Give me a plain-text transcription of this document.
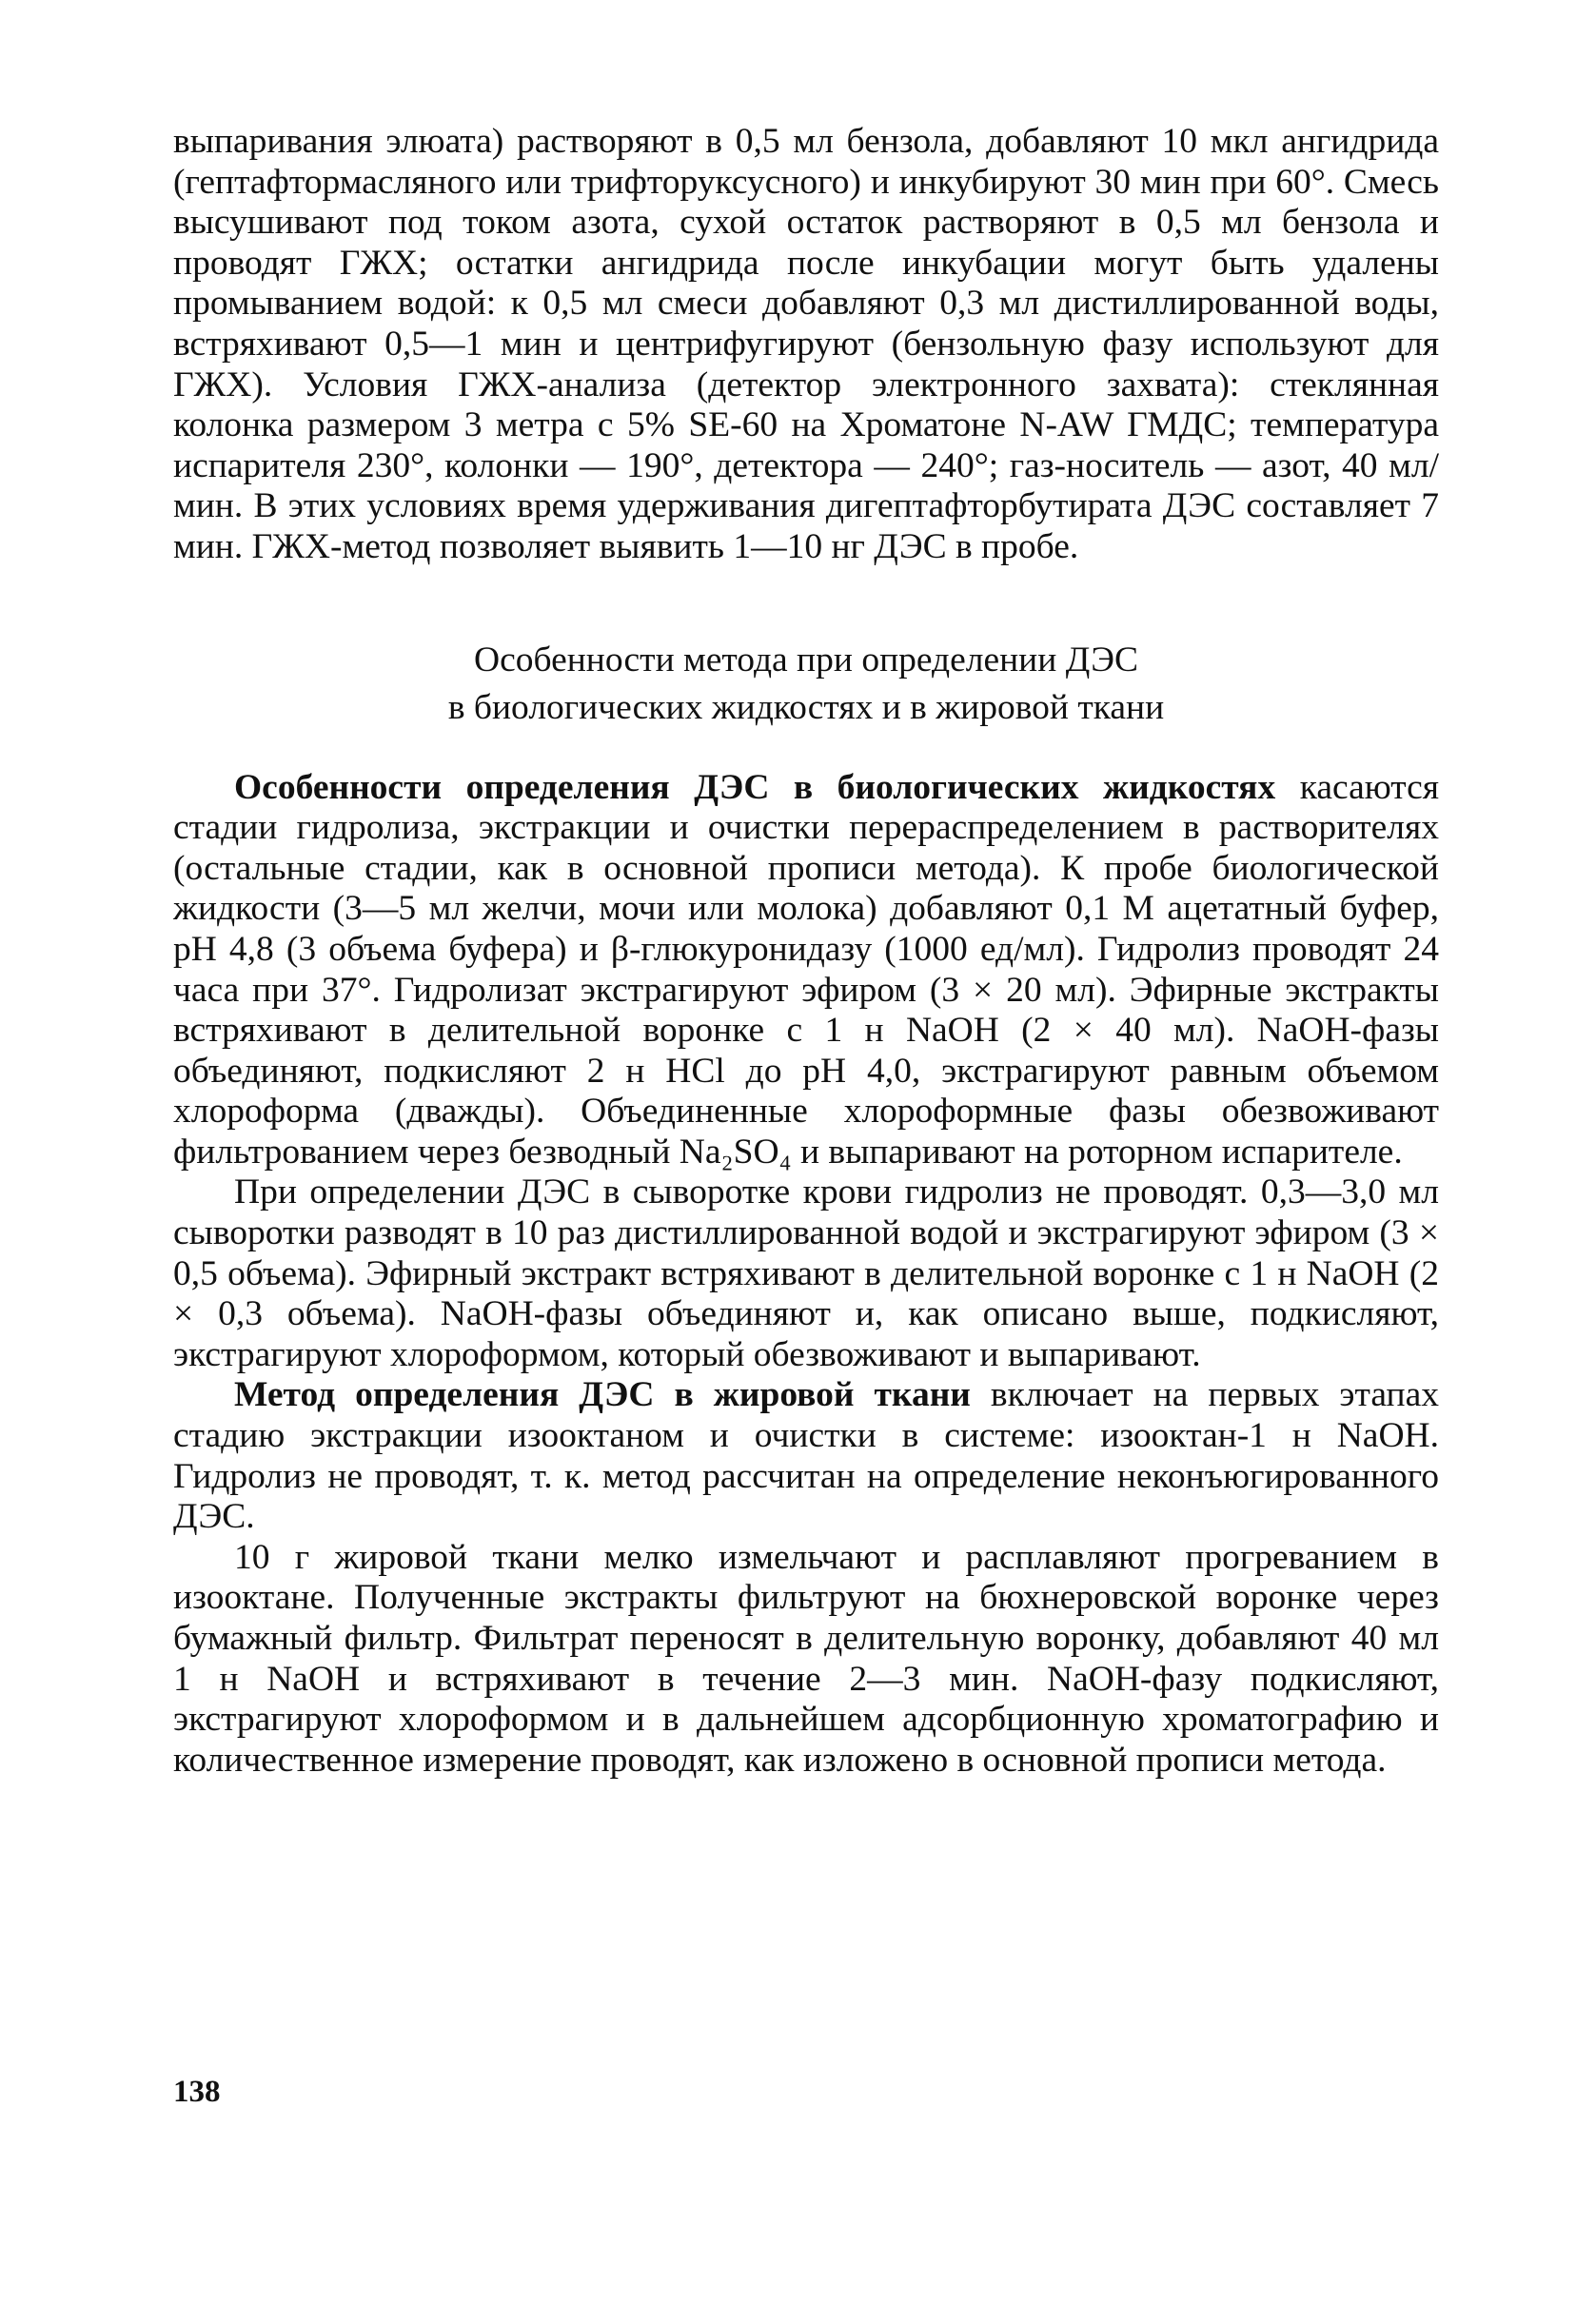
выпаривания элюата) растворяют в 0,5 мл бензола, добавляют 10 мкл ангидрида (гептафтормасляного или трифторуксусного) и инкубируют 30 мин при 60°. Смесь высушивают под током азота, сухой остаток растворяют в 0,5 мл бензола и проводят ГЖХ; остатки ангидрида после инкубации могут быть удалены промыванием водой: к 0,5 мл смеси добавляют 0,3 мл дистиллированной воды, встряхивают 0,5—1 мин и центрифугируют (бензольную фазу используют для ГЖХ). Условия ГЖХ-анализа (детектор электронного захвата): стеклянная колонка размером 3 метра с 5% SE-60 на Хроматоне N-AW ГМДС; температура испарителя 230°, колонки — 190°, детектора — 240°; газ-носитель — азот, 40 мл/мин. В этих условиях время удерживания дигептафторбутирата ДЭС составляет 7 мин. ГЖХ-метод позволяет выявить 1—10 нг ДЭС в пробе.

Особенности метода при определении ДЭС

в биологических жидкостях и в жировой ткани

Особенности определения ДЭС в биологических жидкостях касаются стадии гидролиза, экстракции и очистки перераспределением в растворителях (остальные стадии, как в основной прописи метода). К пробе биологической жидкости (3—5 мл желчи, мочи или молока) добавляют 0,1 М ацетатный буфер, pH 4,8 (3 объема буфера) и β-глюкуронидазу (1000 ед/мл). Гидролиз проводят 24 часа при 37°. Гидролизат экстрагируют эфиром (3 × 20 мл). Эфирные экстракты встряхивают в делительной воронке с 1 н NaOH (2 × 40 мл). NaOH-фазы объединяют, подкисляют 2 н HCl до pH 4,0, экстрагируют равным объемом хлороформа (дважды). Объединенные хлороформные фазы обезвоживают фильтрованием через безводный Na₂SO₄ и выпаривают на роторном испарителе.

При определении ДЭС в сыворотке крови гидролиз не проводят. 0,3—3,0 мл сыворотки разводят в 10 раз дистиллированной водой и экстрагируют эфиром (3 × 0,5 объема). Эфирный экстракт встряхивают в делительной воронке с 1 н NaOH (2 × 0,3 объема). NaOH-фазы объединяют и, как описано выше, подкисляют, экстрагируют хлороформом, который обезвоживают и выпаривают.

Метод определения ДЭС в жировой ткани включает на первых этапах стадию экстракции изооктаном и очистки в системе: изооктан-1 н NaOH. Гидролиз не проводят, т. к. метод рассчитан на определение неконъюгированного ДЭС.

10 г жировой ткани мелко измельчают и расплавляют прогреванием в изооктане. Полученные экстракты фильтруют на бюхнеровской воронке через бумажный фильтр. Фильтрат переносят в делительную воронку, добавляют 40 мл 1 н NaOH и встряхивают в течение 2—3 мин. NaOH-фазу подкисляют, экстрагируют хлороформом и в дальнейшем адсорбционную хроматографию и количественное измерение проводят, как изложено в основной прописи метода.

138
